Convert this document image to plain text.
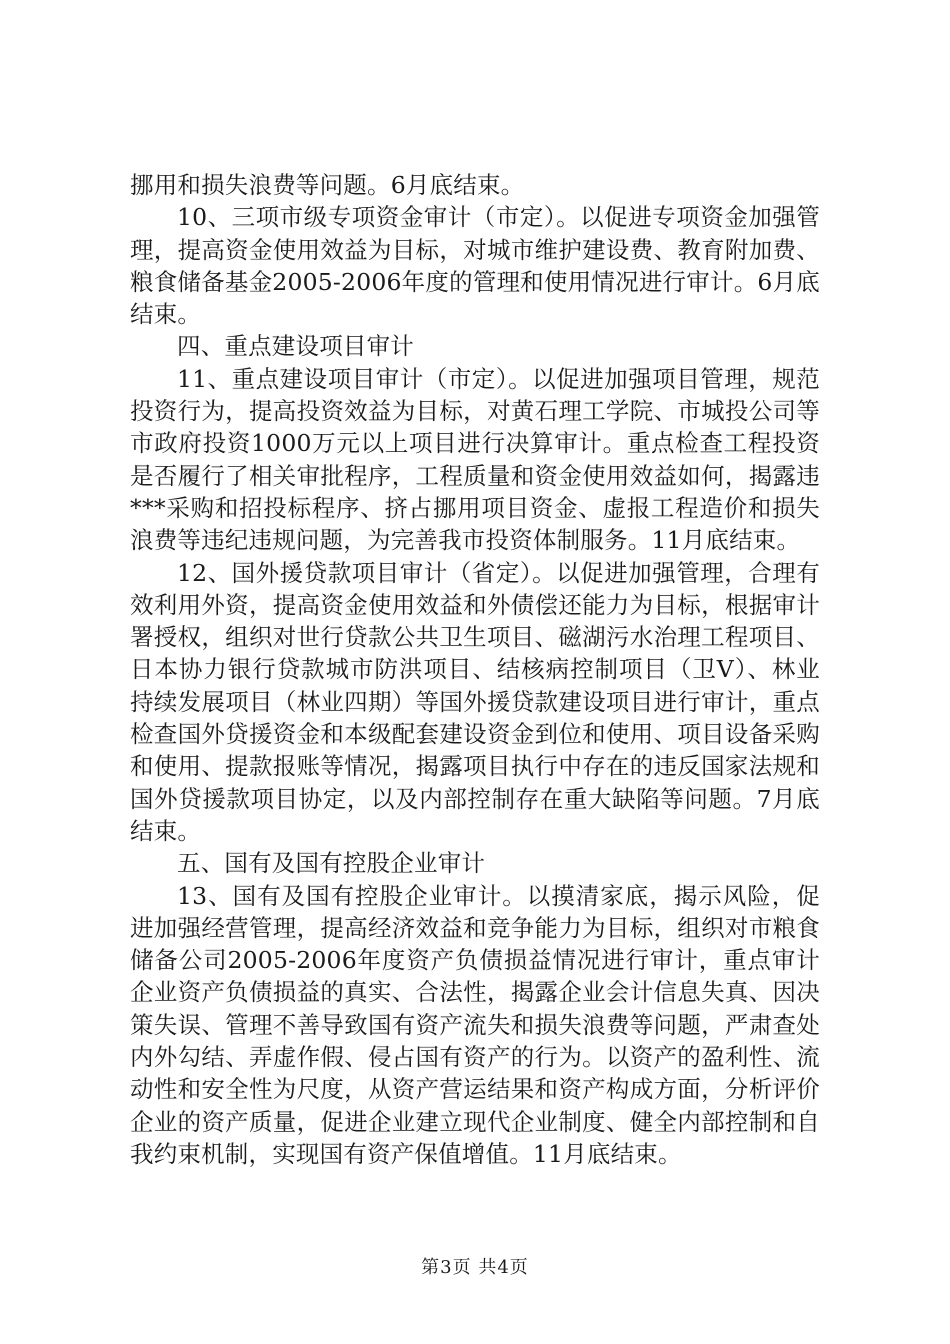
挪用和损失浪费等问题。6月底结束。

10、三项市级专项资金审计（市定）。以促进专项资金加强管理，提高资金使用效益为目标，对城市维护建设费、教育附加费、粮食储备基金2005-2006年度的管理和使用情况进行审计。6月底结束。

四、重点建设项目审计

11、重点建设项目审计（市定）。以促进加强项目管理，规范投资行为，提高投资效益为目标，对黄石理工学院、市城投公司等市政府投资1000万元以上项目进行决算审计。重点检查工程投资是否履行了相关审批程序，工程质量和资金使用效益如何，揭露违***采购和招投标程序、挤占挪用项目资金、虚报工程造价和损失浪费等违纪违规问题，为完善我市投资体制服务。11月底结束。

12、国外援贷款项目审计（省定）。以促进加强管理，合理有效利用外资，提高资金使用效益和外债偿还能力为目标，根据审计署授权，组织对世行贷款公共卫生项目、磁湖污水治理工程项目、日本协力银行贷款城市防洪项目、结核病控制项目（卫Ⅴ）、林业持续发展项目（林业四期）等国外援贷款建设项目进行审计，重点检查国外贷援资金和本级配套建设资金到位和使用、项目设备采购和使用、提款报账等情况，揭露项目执行中存在的违反国家法规和国外贷援款项目协定，以及内部控制存在重大缺陷等问题。7月底结束。

五、国有及国有控股企业审计

13、国有及国有控股企业审计。以摸清家底，揭示风险，促进加强经营管理，提高经济效益和竞争能力为目标，组织对市粮食储备公司2005-2006年度资产负债损益情况进行审计，重点审计企业资产负债损益的真实、合法性，揭露企业会计信息失真、因决策失误、管理不善导致国有资产流失和损失浪费等问题，严肃查处内外勾结、弄虚作假、侵占国有资产的行为。以资产的盈利性、流动性和安全性为尺度，从资产营运结果和资产构成方面，分析评价企业的资产质量，促进企业建立现代企业制度、健全内部控制和自我约束机制，实现国有资产保值增值。11月底结束。

第3页 共4页
